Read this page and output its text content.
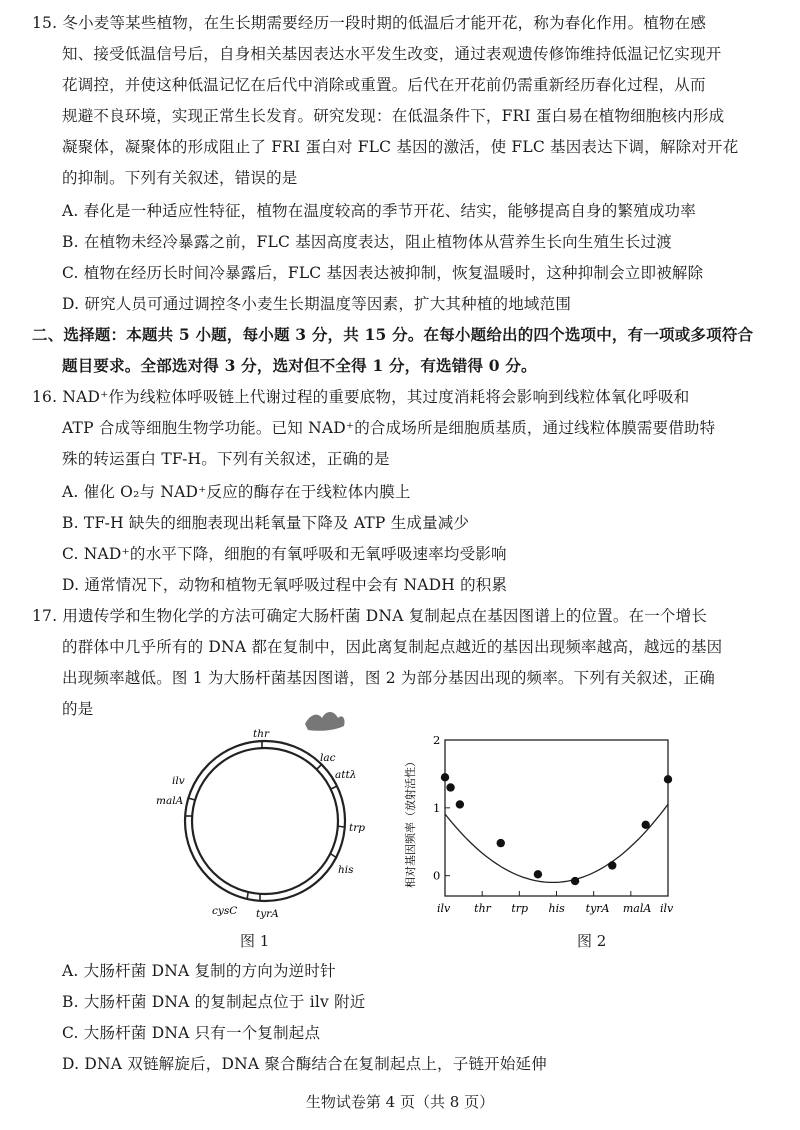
15. 冬小麦等某些植物，在生长期需要经历一段时期的低温后才能开花，称为春化作用。植物在感
知、接受低温信号后，自身相关基因表达水平发生改变，通过表观遗传修饰维持低温记忆实现开
花调控，并使这种低温记忆在后代中消除或重置。后代在开花前仍需重新经历春化过程，从而
规避不良环境，实现正常生长发育。研究发现：在低温条件下，FRI 蛋白易在植物细胞核内形成
凝聚体，凝聚体的形成阻止了 FRI 蛋白对 FLC 基因的激活，使 FLC 基因表达下调，解除对开花
的抑制。下列有关叙述，错误的是
A. 春化是一种适应性特征，植物在温度较高的季节开花、结实，能够提高自身的繁殖成功率
B. 在植物未经冷暴露之前，FLC 基因高度表达，阻止植物体从营养生长向生殖生长过渡
C. 植物在经历长时间冷暴露后，FLC 基因表达被抑制，恢复温暖时，这种抑制会立即被解除
D. 研究人员可通过调控冬小麦生长期温度等因素，扩大其种植的地域范围
二、选择题：本题共 5 小题，每小题 3 分，共 15 分。在每小题给出的四个选项中，有一项或多项符合
题目要求。全部选对得 3 分，选对但不全得 1 分，有选错得 0 分。
16. NAD⁺作为线粒体呼吸链上代谢过程的重要底物，其过度消耗将会影响到线粒体氧化呼吸和
ATP 合成等细胞生物学功能。已知 NAD⁺的合成场所是细胞质基质，通过线粒体膜需要借助特
殊的转运蛋白 TF-H。下列有关叙述，正确的是
A. 催化 O₂与 NAD⁺反应的酶存在于线粒体内膜上
B. TF-H 缺失的细胞表现出耗氧量下降及 ATP 生成量减少
C. NAD⁺的水平下降，细胞的有氧呼吸和无氧呼吸速率均受影响
D. 通常情况下，动物和植物无氧呼吸过程中会有 NADH 的积累
17. 用遗传学和生物化学的方法可确定大肠杆菌 DNA 复制起点在基因图谱上的位置。在一个增长
的群体中几乎所有的 DNA 都在复制中，因此离复制起点越近的基因出现频率越高，越远的基因
出现频率越低。图 1 为大肠杆菌基因图谱，图 2 为部分基因出现的频率。下列有关叙述，正确
的是
thr
lac
attλ
trp
his
tyrA
cysC
malA
ilv
图 1
相对基因频率（放射活性） 0
1
2
ilv thr trp his tyrA malA ilv
图 2
A. 大肠杆菌 DNA 复制的方向为逆时针
B. 大肠杆菌 DNA 的复制起点位于 ilv 附近
C. 大肠杆菌 DNA 只有一个复制起点
D. DNA 双链解旋后，DNA 聚合酶结合在复制起点上，子链开始延伸
生物试卷第 4 页（共 8 页）
